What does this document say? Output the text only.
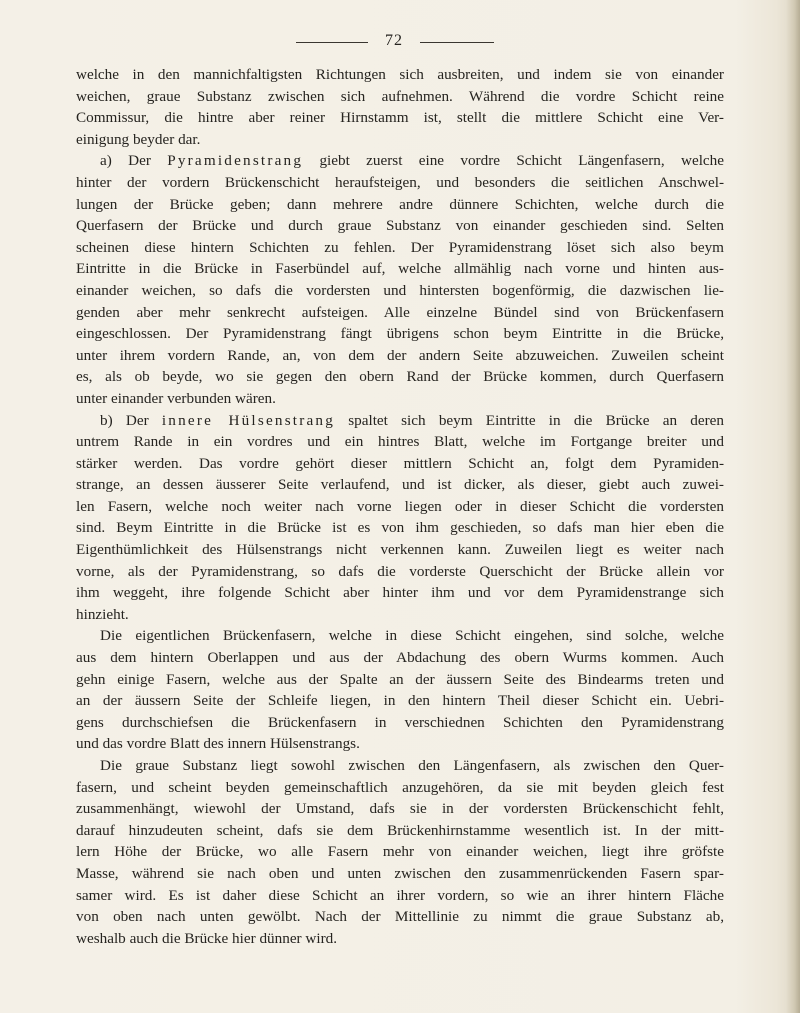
72
welche in den mannichfaltigsten Richtungen sich ausbreiten, und indem sie von einander
weichen, graue Substanz zwischen sich aufnehmen. Während die vordre Schicht reine
Commissur, die hintre aber reiner Hirnstamm ist, stellt die mittlere Schicht eine Ver-
einigung beyder dar.
a) Der Pyramidenstrang giebt zuerst eine vordre Schicht Längenfasern, welche
hinter der vordern Brückenschicht heraufsteigen, und besonders die seitlichen Anschwel-
lungen der Brücke geben; dann mehrere andre dünnere Schichten, welche durch die
Querfasern der Brücke und durch graue Substanz von einander geschieden sind. Selten
scheinen diese hintern Schichten zu fehlen. Der Pyramidenstrang löset sich also beym
Eintritte in die Brücke in Faserbündel auf, welche allmählig nach vorne und hinten aus-
einander weichen, so dafs die vordersten und hintersten bogenförmig, die dazwischen lie-
genden aber mehr senkrecht aufsteigen. Alle einzelne Bündel sind von Brückenfasern
eingeschlossen. Der Pyramidenstrang fängt übrigens schon beym Eintritte in die Brücke,
unter ihrem vordern Rande, an, von dem der andern Seite abzuweichen. Zuweilen scheint
es, als ob beyde, wo sie gegen den obern Rand der Brücke kommen, durch Querfasern
unter einander verbunden wären.
b) Der innere Hülsenstrang spaltet sich beym Eintritte in die Brücke an deren
untrem Rande in ein vordres und ein hintres Blatt, welche im Fortgange breiter und
stärker werden. Das vordre gehört dieser mittlern Schicht an, folgt dem Pyramiden-
strange, an dessen äusserer Seite verlaufend, und ist dicker, als dieser, giebt auch zuwei-
len Fasern, welche noch weiter nach vorne liegen oder in dieser Schicht die vordersten
sind. Beym Eintritte in die Brücke ist es von ihm geschieden, so dafs man hier eben die
Eigenthümlichkeit des Hülsenstrangs nicht verkennen kann. Zuweilen liegt es weiter nach
vorne, als der Pyramidenstrang, so dafs die vorderste Querschicht der Brücke allein vor
ihm weggeht, ihre folgende Schicht aber hinter ihm und vor dem Pyramidenstrange sich
hinzieht.
Die eigentlichen Brückenfasern, welche in diese Schicht eingehen, sind solche, welche
aus dem hintern Oberlappen und aus der Abdachung des obern Wurms kommen. Auch
gehn einige Fasern, welche aus der Spalte an der äussern Seite des Bindearms treten und
an der äussern Seite der Schleife liegen, in den hintern Theil dieser Schicht ein. Uebri-
gens durchschiefsen die Brückenfasern in verschiednen Schichten den Pyramidenstrang
und das vordre Blatt des innern Hülsenstrangs.
Die graue Substanz liegt sowohl zwischen den Längenfasern, als zwischen den Quer-
fasern, und scheint beyden gemeinschaftlich anzugehören, da sie mit beyden gleich fest
zusammenhängt, wiewohl der Umstand, dafs sie in der vordersten Brückenschicht fehlt,
darauf hinzudeuten scheint, dafs sie dem Brückenhirnstamme wesentlich ist. In der mitt-
lern Höhe der Brücke, wo alle Fasern mehr von einander weichen, liegt ihre gröfste
Masse, während sie nach oben und unten zwischen den zusammenrückenden Fasern spar-
samer wird. Es ist daher diese Schicht an ihrer vordern, so wie an ihrer hintern Fläche
von oben nach unten gewölbt. Nach der Mittellinie zu nimmt die graue Substanz ab,
weshalb auch die Brücke hier dünner wird.
